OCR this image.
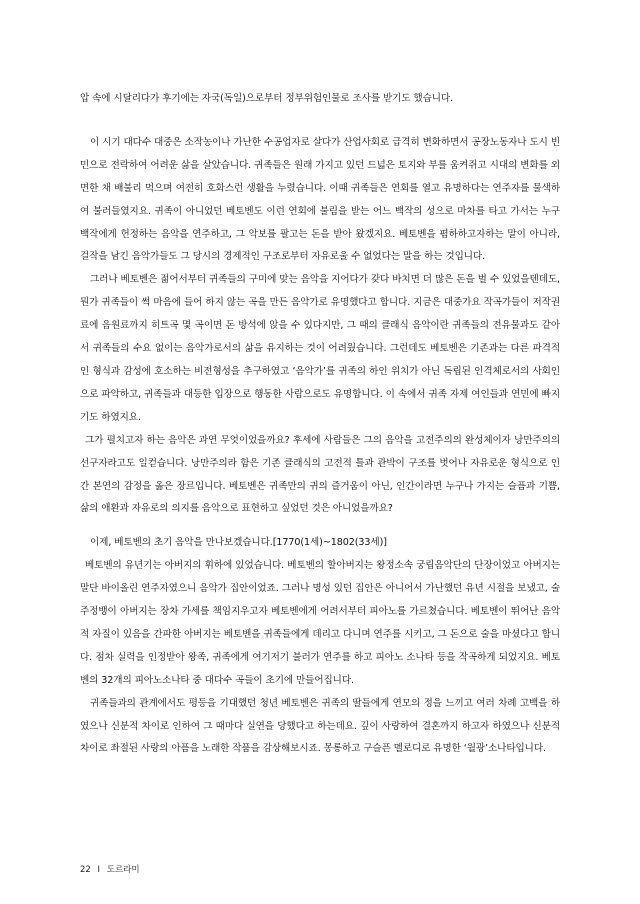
압 속에 시달리다가 후기에는 자국(독일)으로부터 정부위험인물로 조사를 받기도 했습니다.

이 시기 대다수 대중은 소작농이나 가난한 수공업자로 살다가 산업사회로 급격히 변화하면서 공장노동자나 도시 빈민으로 전락하여 어려운 삶을 살았습니다. 귀족들은 원래 가지고 있던 드넓은 토지와 부를 움켜쥐고 시대의 변화를 외면한 채 배불리 먹으며 여전히 호화스런 생활을 누렸습니다. 이때 귀족들은 연회를 열고 유명하다는 연주자를 물색하여 불러들였지요. 귀족이 아니었던 베토벤도 이런 연회에 불림을 받는 어느 백작의 성으로 마차를 타고 가서는 누구 백작에게 헌정하는 음악을 연주하고, 그 악보를 팔고는 돈을 받아 왔겠지요. 베토벤을 폄하하고자하는 말이 아니라, 걸작을 남긴 음악가들도 그 당시의 경제적인 구조로부터 자유로울 수 없었다는 말을 하는 것입니다.

그러나 베토벤은 젊어서부터 귀족들의 구미에 맞는 음악을 지어다가 갖다 바치면 더 많은 돈을 벌 수 있었을텐데도, 뭔가 귀족들이 썩 마음에 들어 하지 않는 곡을 만든 음악가로 유명했다고 합니다. 지금은 대중가요 작곡가들이 저작권료에 음원료까지 히트곡 몇 곡이면 돈 방석에 앉을 수 있다지만, 그 때의 클래식 음악이란 귀족들의 전유물과도 같아서 귀족들의 수요 없이는 음악가로서의 삶을 유지하는 것이 어려웠습니다. 그런데도 베토벤은 기존과는 다른 파격적인 형식과 감성에 호소하는 비전형성을 추구하였고 ‘음악가’를 귀족의 하인 위치가 아닌 독립된 인격체로서의 사회인으로 파악하고, 귀족들과 대등한 입장으로 행동한 사람으로도 유명합니다. 이 속에서 귀족 자제 여인들과 연민에 빠지기도 하였지요.

그가 펼치고자 하는 음악은 과연 무엇이었을까요? 후세에 사람들은 그의 음악을 고전주의의 완성체이자 낭만주의의 선구자라고도 일컫습니다. 낭만주의라 함은 기존 클래식의 고전적 틀과 관박이 구조를 벗어나 자유로운 형식으로 인간 본연의 감정을 옮은 장르입니다. 베토벤은 귀족만의 귀의 즐거움이 아닌, 인간이라면 누구나 가지는 슬픔과 기쁨, 삶의 애환과 자유로의 의지를 음악으로 표현하고 싶었던 것은 아니었을까요?

이제, 베토벤의 초기 음악을 만나보겠습니다.[1770(1세)~1802(33세)]

베토벤의 유년기는 아버지의 휘하에 있었습니다. 베토벤의 할아버지는 왕정소속 궁립음악단의 단장이었고 아버지는 말단 바이올린 연주자였으니 음악가 집안이었죠. 그러나 명성 있던 집안은 아니어서 가난했던 유년 시절을 보냈고, 술주정뱅이 아버지는 장차 가세를 책임지우고자 베토벤에게 어려서부터 피아노를 가르쳤습니다. 베토벤이 뛰어난 음악적 자질이 있음을 간파한 아버지는 베토벤을 귀족들에게 데리고 다니며 연주를 시키고, 그 돈으로 술을 마셨다고 합니다. 점차 실력을 인정받아 왕족, 귀족에게 여기저기 불러가 연주를 하고 피아노 소나타 등을 작곡하게 되었지요. 베토벤의 32개의 피아노소나타 중 대다수 곡들이 초기에 만들어집니다.

귀족들과의 관계에서도 평등을 기대했던 청년 베토벤은 귀족의 딸들에게 연모의 정을 느끼고 여러 차례 고백을 하였으나 신분적 차이로 인하여 그 때마다 실연을 당했다고 하는데요. 깊이 사랑하여 결혼까지 하고자 하였으나 신분적 차이로 좌절된 사랑의 아픔을 노래한 작품을 감상해보시죠. 몽롱하고 구슬픈 멜로디로 유명한 ‘월광’소나타입니다.

22 I 도르라미
